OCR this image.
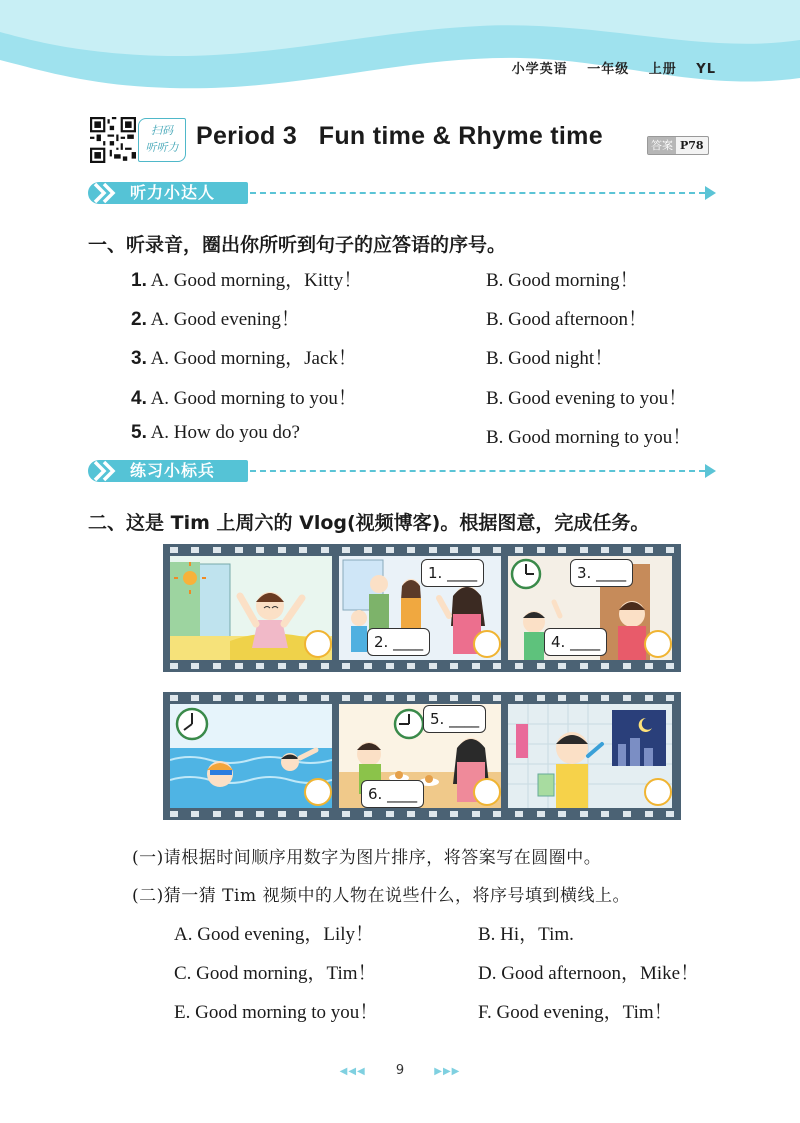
小学英语 一年级 上册 YL
扫码
听听力 Period 3   Fun time & Rhyme time	答案 P78
听力小达人
一、听录音，圈出你所听到句子的应答语的序号。
1. A. Good morning，Kitty！	B. Good morning！
2. A. Good evening！	B. Good afternoon！
3. A. Good morning，Jack！	B. Good night！
4. A. Good morning to you！	B. Good evening to you！
5. A. How do you do?	B. Good morning to you！
练习小标兵
二、这是 Tim 上周六的 Vlog(视频博客)。根据图意，完成任务。
1. ____
2. ____
3. ____
4. ____
5. ____
6. ____
(一)请根据时间顺序用数字为图片排序，将答案写在圆圈中。
(二)猜一猜 Tim 视频中的人物在说些什么，将序号填到横线上。
A. Good evening，Lily！	B. Hi，Tim.
C. Good morning，Tim！	D. Good afternoon，Mike！
E. Good morning to you！	F. Good evening，Tim！
◀◀◀ 9	▶▶▶
